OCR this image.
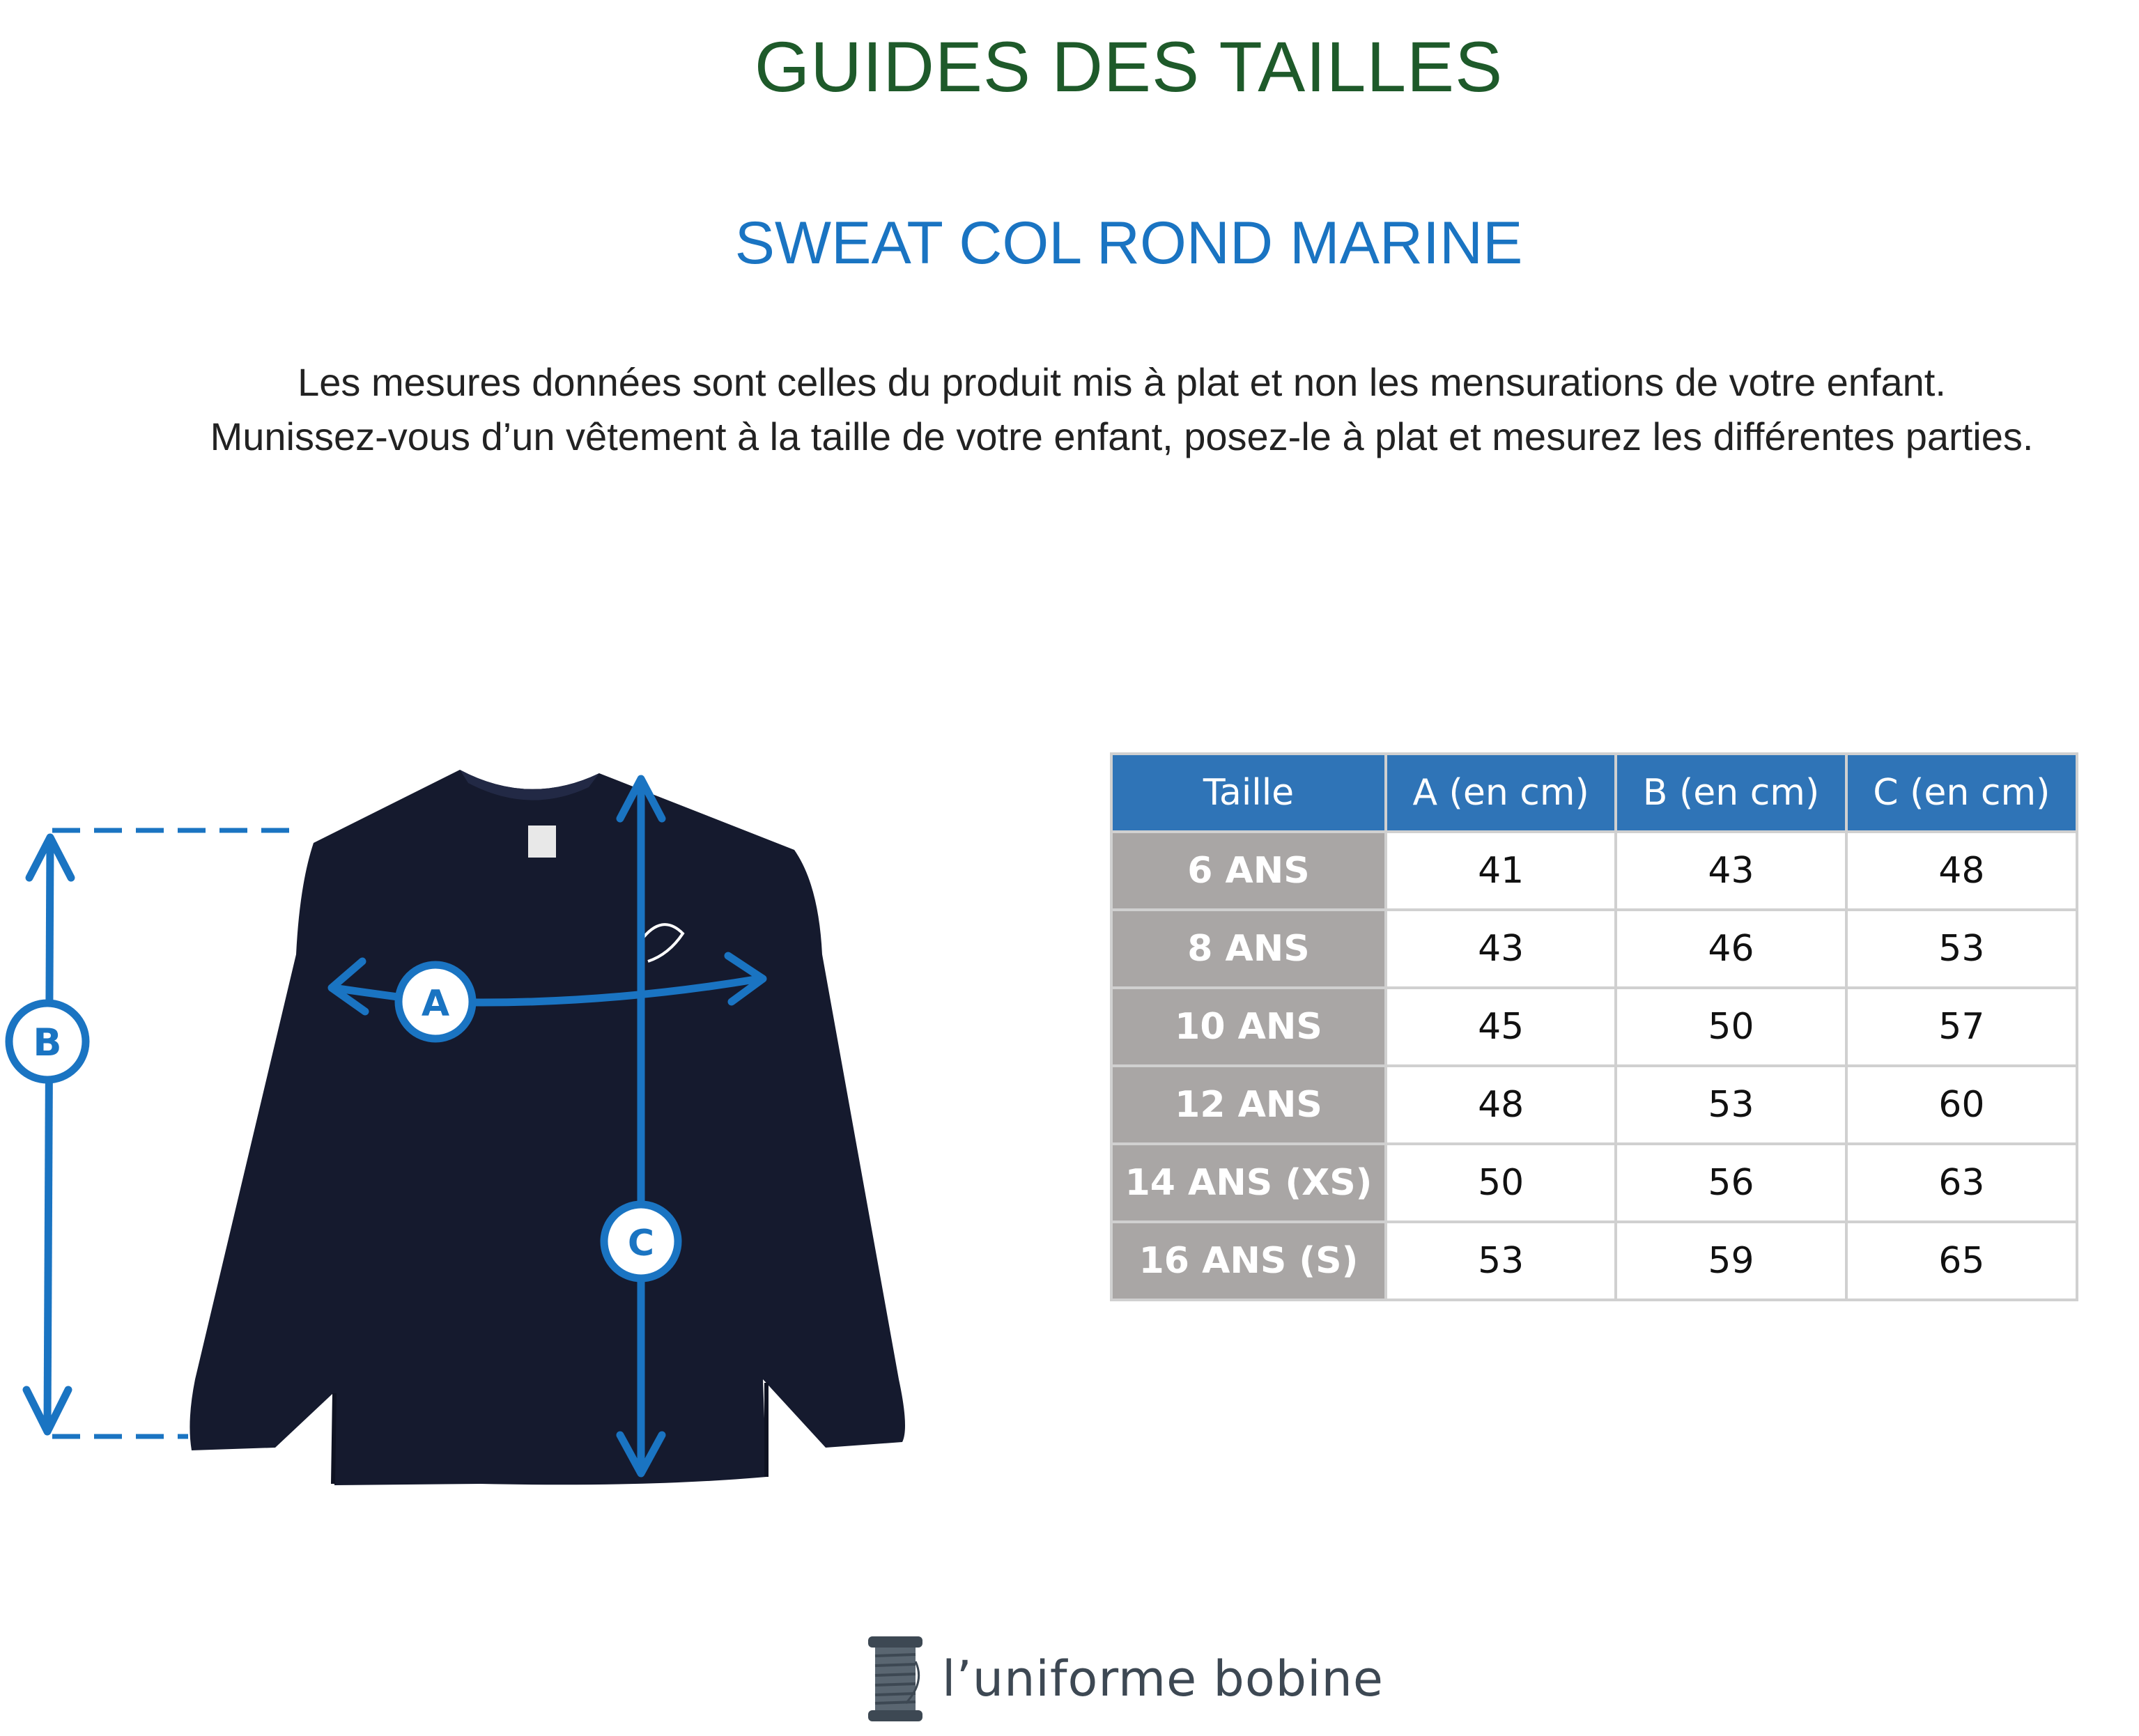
GUIDES DES TAILLES
SWEAT COL ROND MARINE
Les mesures données sont celles du produit mis à plat et non les mensurations de votre enfant.
Munissez-vous d’un vêtement à la taille de votre enfant, posez-le à plat et mesurez les différentes parties.
B
A
C
Taille	A (en cm)	B (en cm)	C (en cm)
6 ANS	41	43	48
8 ANS	43	46	53
10 ANS	45	50	57
12 ANS	48	53	60
14 ANS (XS)	50	56	63
16 ANS (S)	53	59	65
l’uniforme bobine
